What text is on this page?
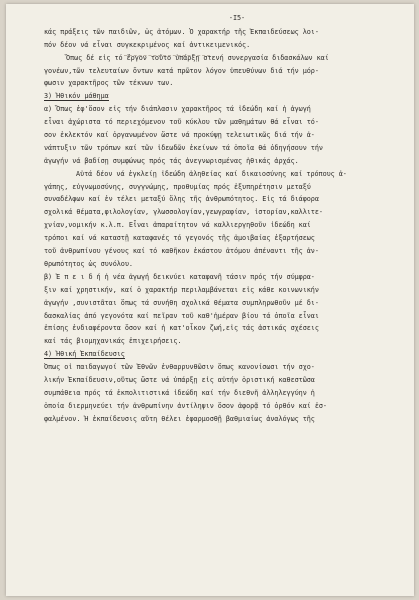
-I5-
κάς πράξεις τῶν παιδιῶν, ὡς ἀτόμων. Ὁ χαρακτήρ τῆς Ἐκπαιδεύσεως λοι-
πόν δέον νά εἶναι συγκεκριμένος καί ἀντικειμενικός.
Ὅπως δέ εἰς τό ἔργον τοῦτο ὑπάρξῃ στενή συνεργασία διδασκάλων καί
γονέων,τῶν τελευταίων ὄντων κατά πρῶτον λόγον ὑπευθύνων διά τήν μόρ-
φωσιν χαρακτῆρος τῶν τέκνων των.
3) Ἠθικόν μάθημα
α) Ὅπως ἐφ'ὅσον εἰς τήν διάπλασιν χαρακτῆρος τά ἰδεώδη καί ἡ ἀγωγή
εἶναι ἀχώριστα τό περιεχόμενον τοῦ κύκλου τῶν μαθημάτων θά εἶναι τό-
σον ἐκλεκτόν καί ὀργανωμένον ὥστε νά προκύψῃ τελειωτικῶς διά τήν ἀ-
νάπτυξιν τῶν τρόπων καί τῶν ἰδεωδῶν ἐκείνων τά ὁποῖα θά ὁδηγήσουν τήν
ἀγωγήν νά βαδίσῃ συμφώνως πρός τάς ἀνεγνωρισμένας ἠθικάς ἀρχάς.
Αὐτά δέον νά ἐγκλείῃ ἰδεώδη ἀληθείας καί δικαιοσύνης καί τρόπους ἀ-
γάπης, εὐγνωμοσύνης, συγγνώμης, προθυμίας πρός ἐξυπηρέτησιν μεταξύ
συναδέλφων καί ἐν τέλει μεταξύ ὅλης τῆς ἀνθρωπότητος. Εἰς τά διάφορα
σχολικά θέματα,φιλολογίαν, γλωσσολογίαν,γεωγραφίαν, ἱστορίαν,καλλιτε-
χνίαν,νομικήν κ.λ.π. Εἶναι ἀπαραίτητον νά καλλιεργηθοῦν ἰδεώδη καί
τρόποι καί νά καταστῇ καταφανές τό γεγονός τῆς ἀμοιβαίας ἐξαρτήσεως
τοῦ ἀνθρωπίνου γένους καί τό καθῆκον ἑκάστου ἀτόμου ἀπέναντι τῆς ἀν-
θρωπότητος ὡς συνόλου.
β) Ἐ π ε ι δ ή ἡ νέα ἀγωγή δεικνύει καταφανῆ τάσιν πρός τήν σύμφρα-
ξιν καί χρηστικήν, καί ὁ χαρακτήρ περιλαμβάνεται εἰς κάθε κοινωνικήν
ἀγωγήν ,συνιστᾶται ὅπως τά συνήθη σχολικά θέματα συμπληρωθοῦν μέ δι-
δασκαλίας ἀπό γεγονότα καί πεῖραν τοῦ καθ'ἡμέραν βίου τά ὁποῖα εἶναι
ἐπίσης ἐνδιαφέροντα ὅσον καί ἡ κατ'οἶκον ζωή,εἰς τάς ἀστικάς σχέσεις
καί τάς βιομηχανικάς ἐπιχειρήσεις.
4) Ἠθική Ἐκπαίδευσις
Ὅπως οἱ παιδαγωγοί τῶν Ἐθνῶν ἐνθαρρυνθῶσιν ὅπως κανονίσωσι τήν σχο-
λικήν Ἐκπαίδευσιν,οὕτως ὥστε νά ὑπάρξῃ εἰς αὐτήν ὁριστική καθεστῶσα
συμπάθεια πρός τά ἐκπολιτιστικά ἰδεώδη καί τήν διεθνῆ ἀλληλεγγύην ἡ
ὁποία διερμηνεύει τήν ἀνθρωπίνην ἀντίληψιν ὅσον ἀφορᾷ τό ὀρθόν καί ἐσ-
φαλμένον. Ἡ ἐκπαίδευσις αὕτη θέλει ἐφαρμοσθῇ βαθμιαίως ἀναλόγως τῆς
